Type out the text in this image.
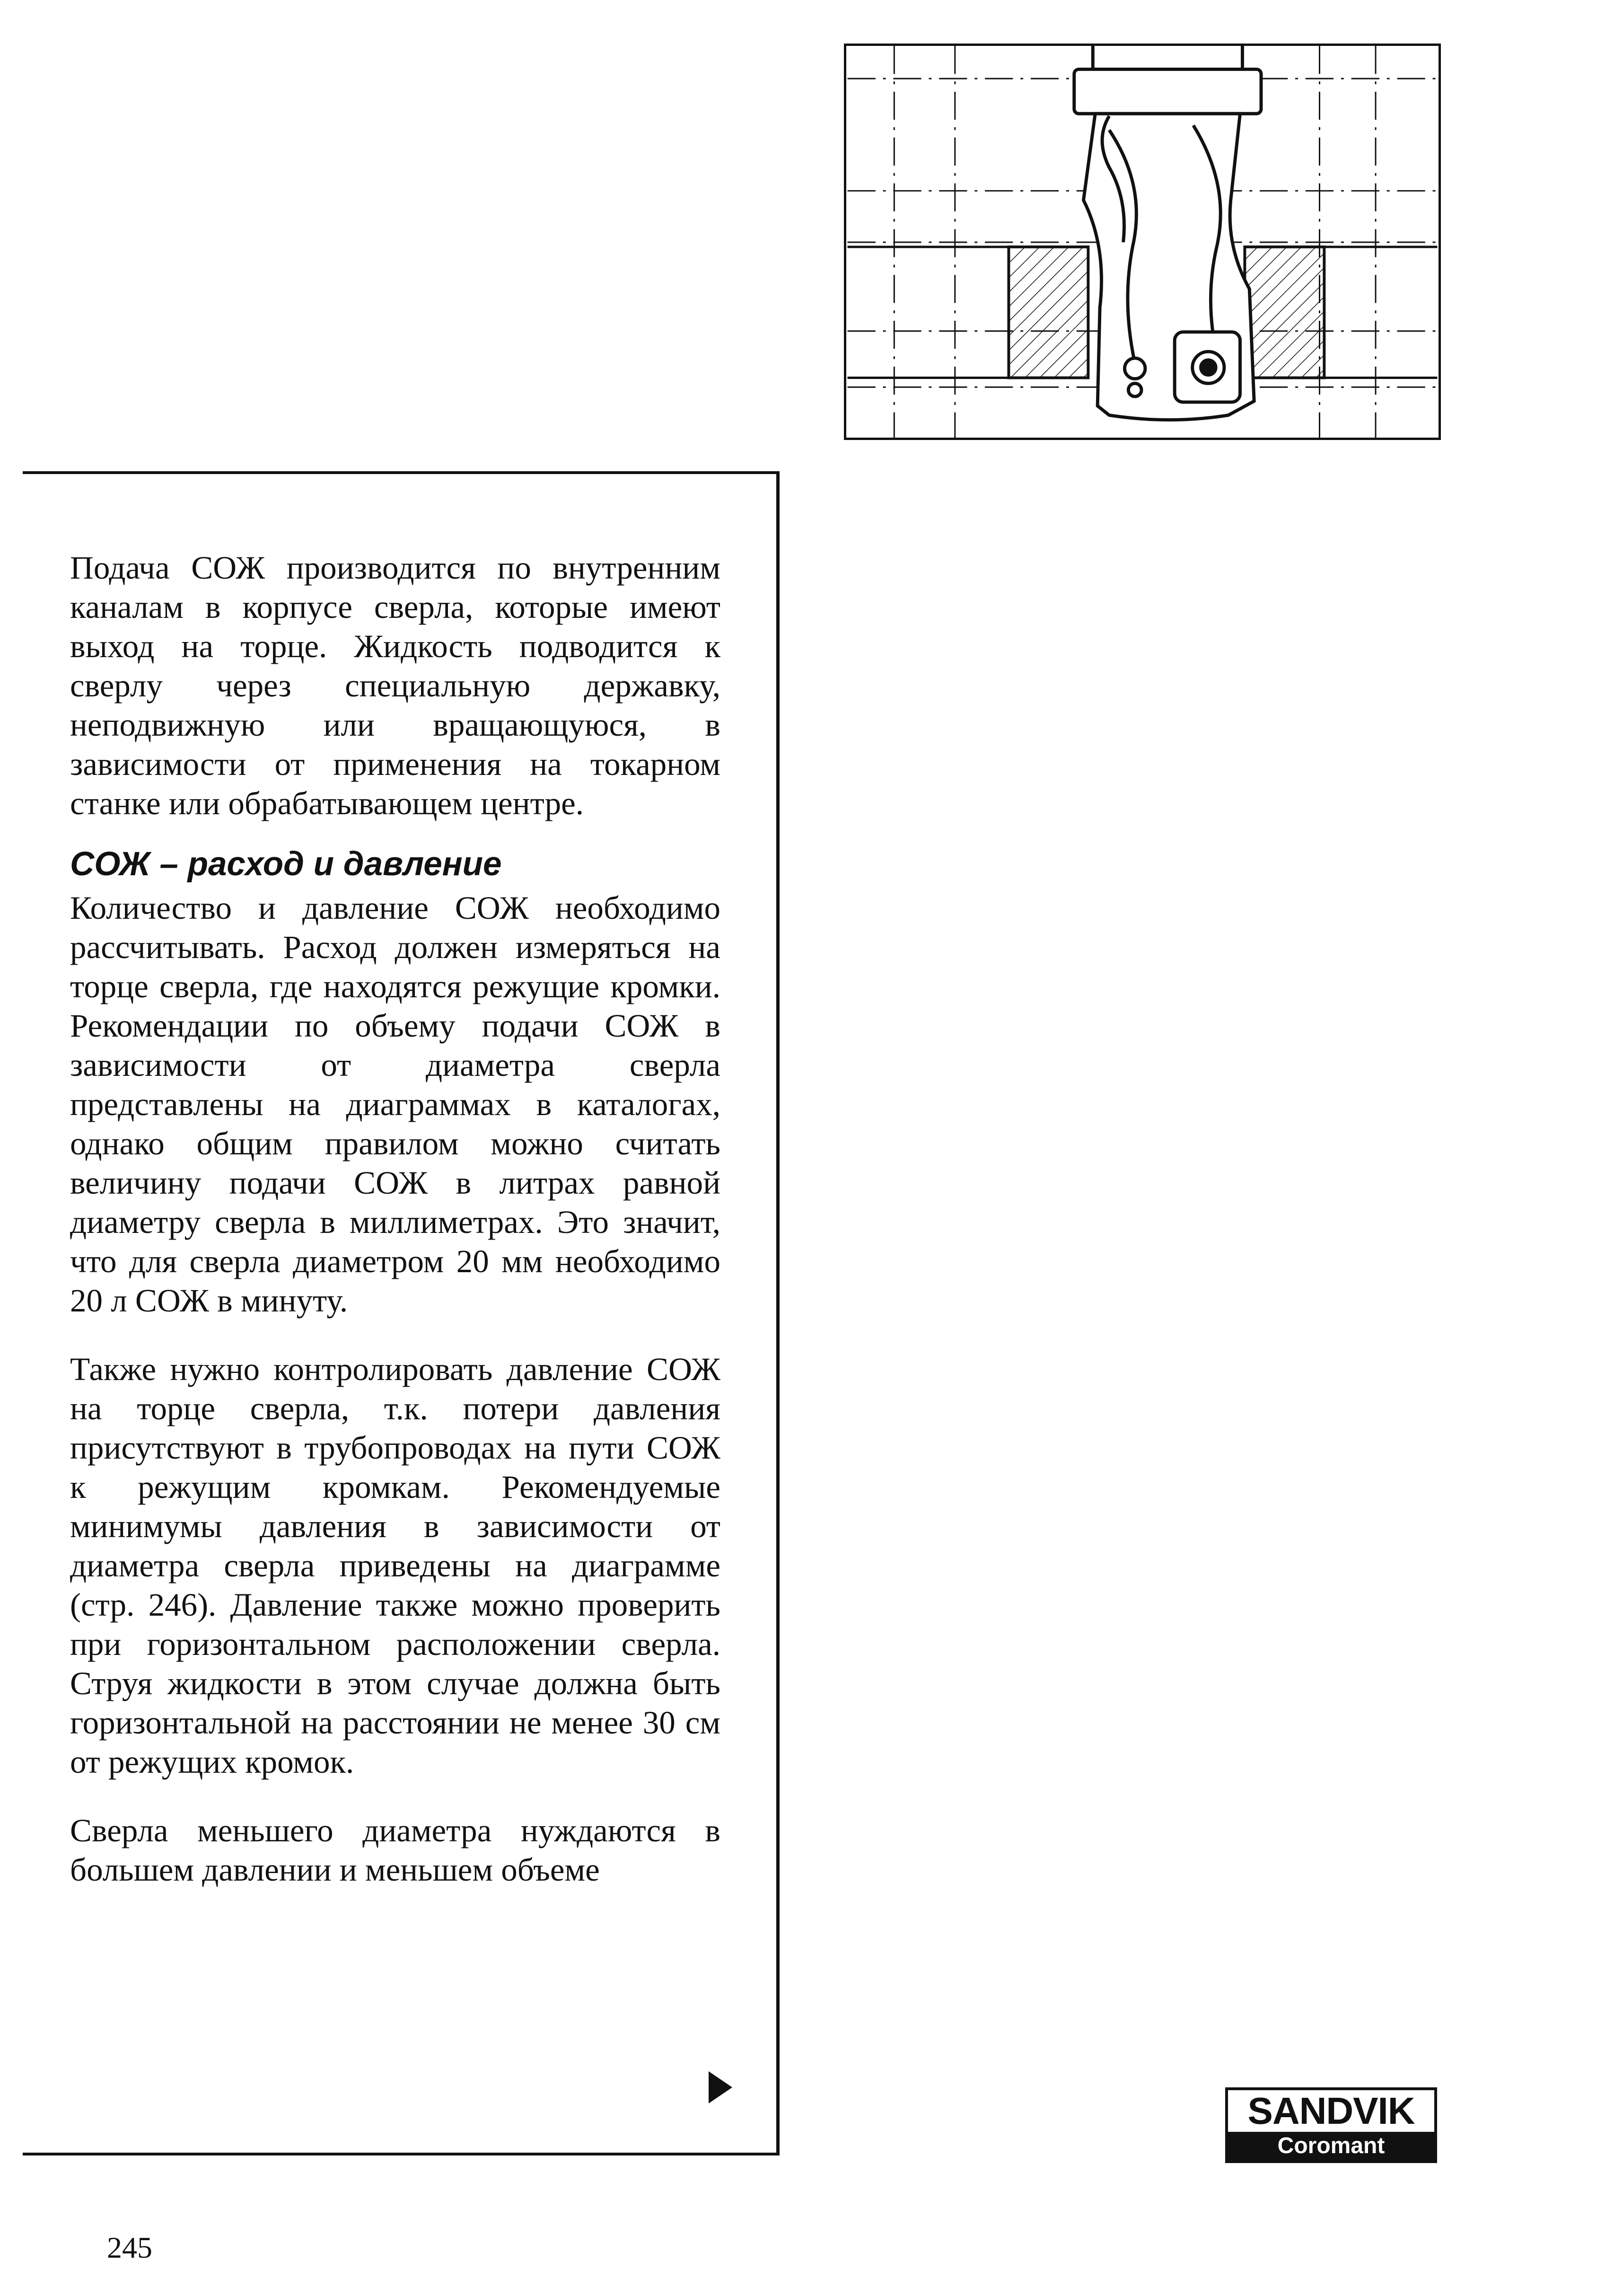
Подача СОЖ производится по внутренним каналам в корпусе сверла, которые имеют выход на торце. Жидкость подводится к сверлу через специальную державку, неподвижную или вращающуюся, в зависимости от применения на токарном станке или обрабатывающем центре.

СОЖ – расход и давление

Количество и давление СОЖ необходимо рассчитывать. Расход должен измеряться на торце сверла, где находятся режущие кромки. Рекомендации по объему подачи СОЖ в зависимости от диаметра сверла представлены на диаграммах в каталогах, однако общим правилом можно считать величину подачи СОЖ в литрах равной диаметру сверла в миллиметрах. Это значит, что для сверла диаметром 20 мм необходимо 20 л СОЖ в минуту.

Также нужно контролировать давление СОЖ на торце сверла, т.к. потери давления присутствуют в трубопроводах на пути СОЖ к режущим кромкам. Рекомендуемые минимумы давления в зависимости от диаметра сверла приведены на диаграмме (стр. 246). Давление также можно проверить при горизонтальном расположении сверла. Струя жидкости в этом случае должна быть горизонтальной на расстоянии не менее 30 см от режущих кромок.

Сверла меньшего диаметра нуждаются в большем давлении и меньшем объеме

SANDVIK
Coromant
245
